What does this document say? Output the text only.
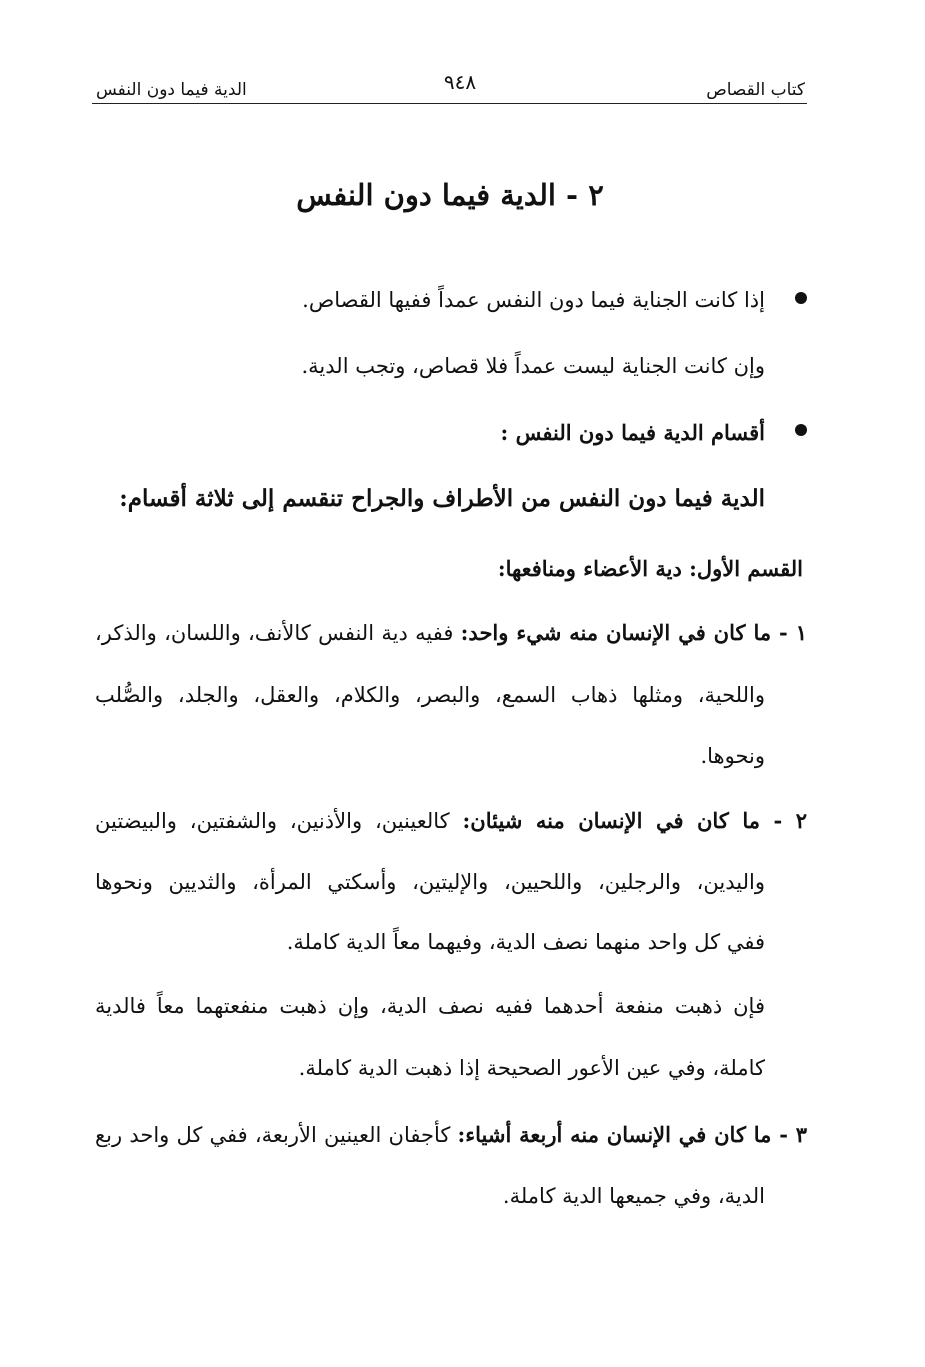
كتاب القصاص
٩٤٨
الدية فيما دون النفس
٢ - الدية فيما دون النفس
إذا كانت الجناية فيما دون النفس عمداً ففيها القصاص.
وإن كانت الجناية ليست عمداً فلا قصاص، وتجب الدية.
أقسام الدية فيما دون النفس :
الدية فيما دون النفس من الأطراف والجراح تنقسم إلى ثلاثة أقسام:
القسم الأول: دية الأعضاء ومنافعها:
١ - ما كان في الإنسان منه شيء واحد: ففيه دية النفس كالأنف، واللسان، والذكر،
واللحية، ومثلها ذهاب السمع، والبصر، والكلام، والعقل، والجلد، والصُّلب
ونحوها.
٢ - ما كان في الإنسان منه شيئان: كالعينين، والأذنين، والشفتين، والبيضتين
واليدين، والرجلين، واللحيين، والإليتين، وأسكتي المرأة، والثديين ونحوها
ففي كل واحد منهما نصف الدية، وفيهما معاً الدية كاملة.
فإن ذهبت منفعة أحدهما ففيه نصف الدية، وإن ذهبت منفعتهما معاً فالدية
كاملة، وفي عين الأعور الصحيحة إذا ذهبت الدية كاملة.
٣ - ما كان في الإنسان منه أربعة أشياء: كأجفان العينين الأربعة، ففي كل واحد ربع
الدية، وفي جميعها الدية كاملة.
